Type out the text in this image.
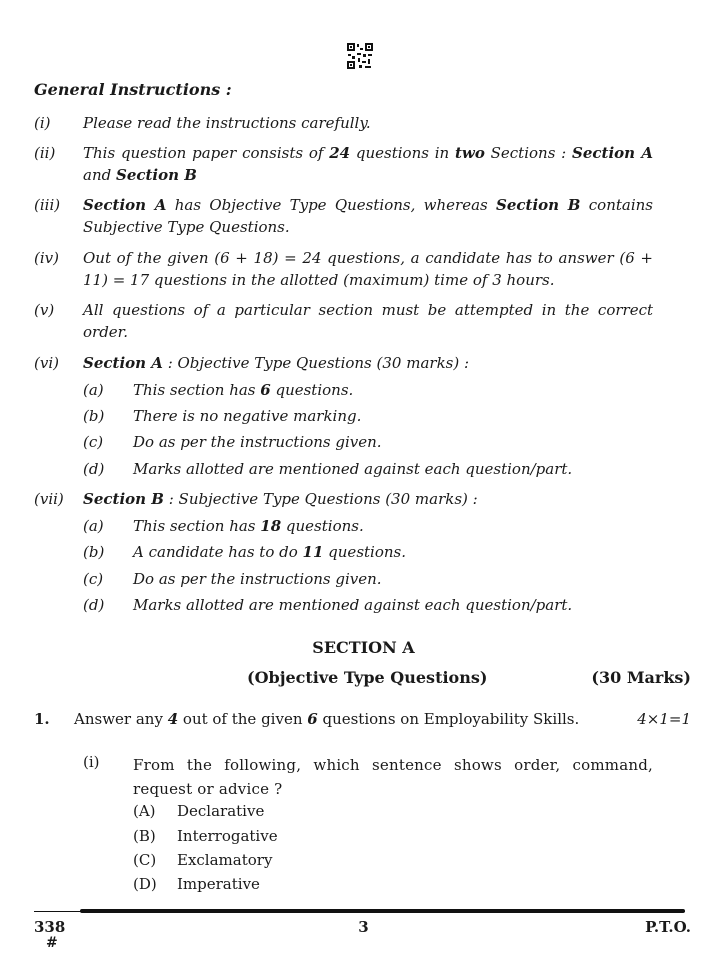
General Instructions :
(i) Please read the instructions carefully.
(ii) This question paper consists of 24 questions in two Sections : Section A and Section B
(iii) Section A has Objective Type Questions, whereas Section B contains Subjective Type Questions.
(iv) Out of the given (6 + 18) = 24 questions, a candidate has to answer (6 + 11) = 17 questions in the allotted (maximum) time of 3 hours.
(v) All questions of a particular section must be attempted in the correct order.
(vi) Section A : Objective Type Questions (30 marks) :
(vii) Section B : Subjective Type Questions (30 marks) :
(a) This section has 6 questions.
(b) There is no negative marking.
(c) Do as per the instructions given.
(d) Marks allotted are mentioned against each question/part.
(a) This section has 18 questions.
(b) A candidate has to do 11 questions.
(c) Do as per the instructions given.
(d) Marks allotted are mentioned against each question/part.
SECTION A
(Objective Type Questions)	(30 Marks)
1. Answer any 4 out of the given 6 questions on Employability Skills.	4×1=1
(i) From the following, which sentence shows order, command, request or advice ?
(A) Declarative
(B) Interrogative
(C) Exclamatory
(D) Imperative
338
#
3	P.T.O.
